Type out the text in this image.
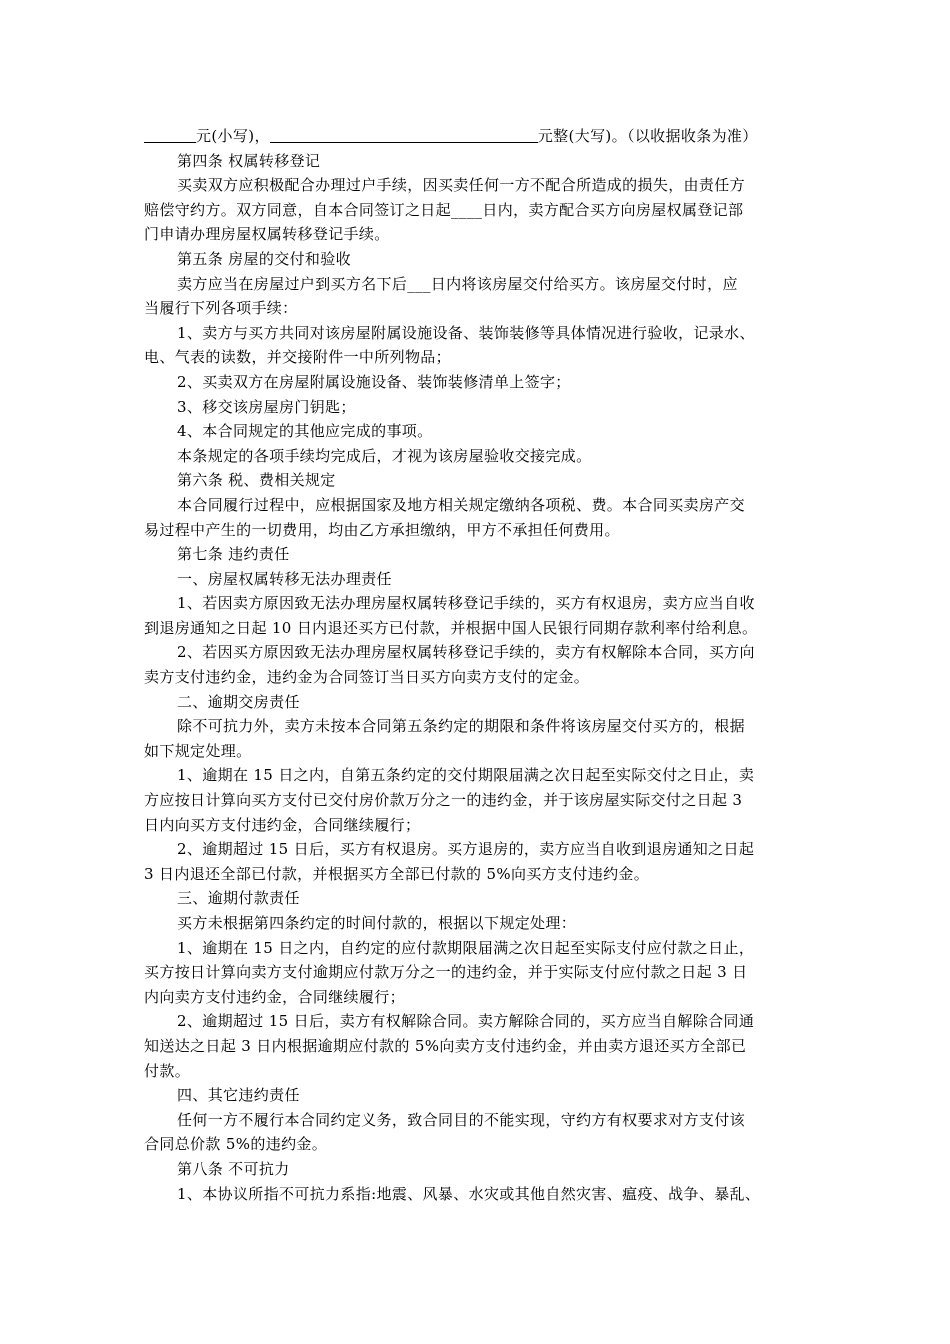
元(小写)，	元整(大写)。（以收据收条为准）
第四条 权属转移登记
买卖双方应积极配合办理过户手续，因买卖任何一方不配合所造成的损失，由责任方
赔偿守约方。双方同意，自本合同签订之日起____日内，卖方配合买方向房屋权属登记部
门申请办理房屋权属转移登记手续。
第五条 房屋的交付和验收
卖方应当在房屋过户到买方名下后___日内将该房屋交付给买方。该房屋交付时，应
当履行下列各项手续：
1、卖方与买方共同对该房屋附属设施设备、装饰装修等具体情况进行验收，记录水、
电、气表的读数，并交接附件一中所列物品；
2、买卖双方在房屋附属设施设备、装饰装修清单上签字；
3、移交该房屋房门钥匙；
4、本合同规定的其他应完成的事项。
本条规定的各项手续均完成后，才视为该房屋验收交接完成。
第六条 税、费相关规定
本合同履行过程中，应根据国家及地方相关规定缴纳各项税、费。本合同买卖房产交
易过程中产生的一切费用，均由乙方承担缴纳，甲方不承担任何费用。
第七条 违约责任
一、房屋权属转移无法办理责任
1、若因卖方原因致无法办理房屋权属转移登记手续的，买方有权退房，卖方应当自收
到退房通知之日起 10 日内退还买方已付款，并根据中国人民银行同期存款利率付给利息。
2、若因买方原因致无法办理房屋权属转移登记手续的，卖方有权解除本合同，买方向
卖方支付违约金，违约金为合同签订当日买方向卖方支付的定金。
二、逾期交房责任
除不可抗力外，卖方未按本合同第五条约定的期限和条件将该房屋交付买方的，根据
如下规定处理。
1、逾期在 15 日之内，自第五条约定的交付期限届满之次日起至实际交付之日止，卖
方应按日计算向买方支付已交付房价款万分之一的违约金，并于该房屋实际交付之日起 3
日内向买方支付违约金，合同继续履行；
2、逾期超过 15 日后，买方有权退房。买方退房的，卖方应当自收到退房通知之日起
3 日内退还全部已付款，并根据买方全部已付款的 5%向买方支付违约金。
三、逾期付款责任
买方未根据第四条约定的时间付款的，根据以下规定处理：
1、逾期在 15 日之内，自约定的应付款期限届满之次日起至实际支付应付款之日止，
买方按日计算向卖方支付逾期应付款万分之一的违约金，并于实际支付应付款之日起 3 日
内向卖方支付违约金，合同继续履行；
2、逾期超过 15 日后，卖方有权解除合同。卖方解除合同的，买方应当自解除合同通
知送达之日起 3 日内根据逾期应付款的 5%向卖方支付违约金，并由卖方退还买方全部已
付款。
四、其它违约责任
任何一方不履行本合同约定义务，致合同目的不能实现，守约方有权要求对方支付该
合同总价款 5%的违约金。
第八条 不可抗力
1、本协议所指不可抗力系指:地震、风暴、水灾或其他自然灾害、瘟疫、战争、暴乱、
